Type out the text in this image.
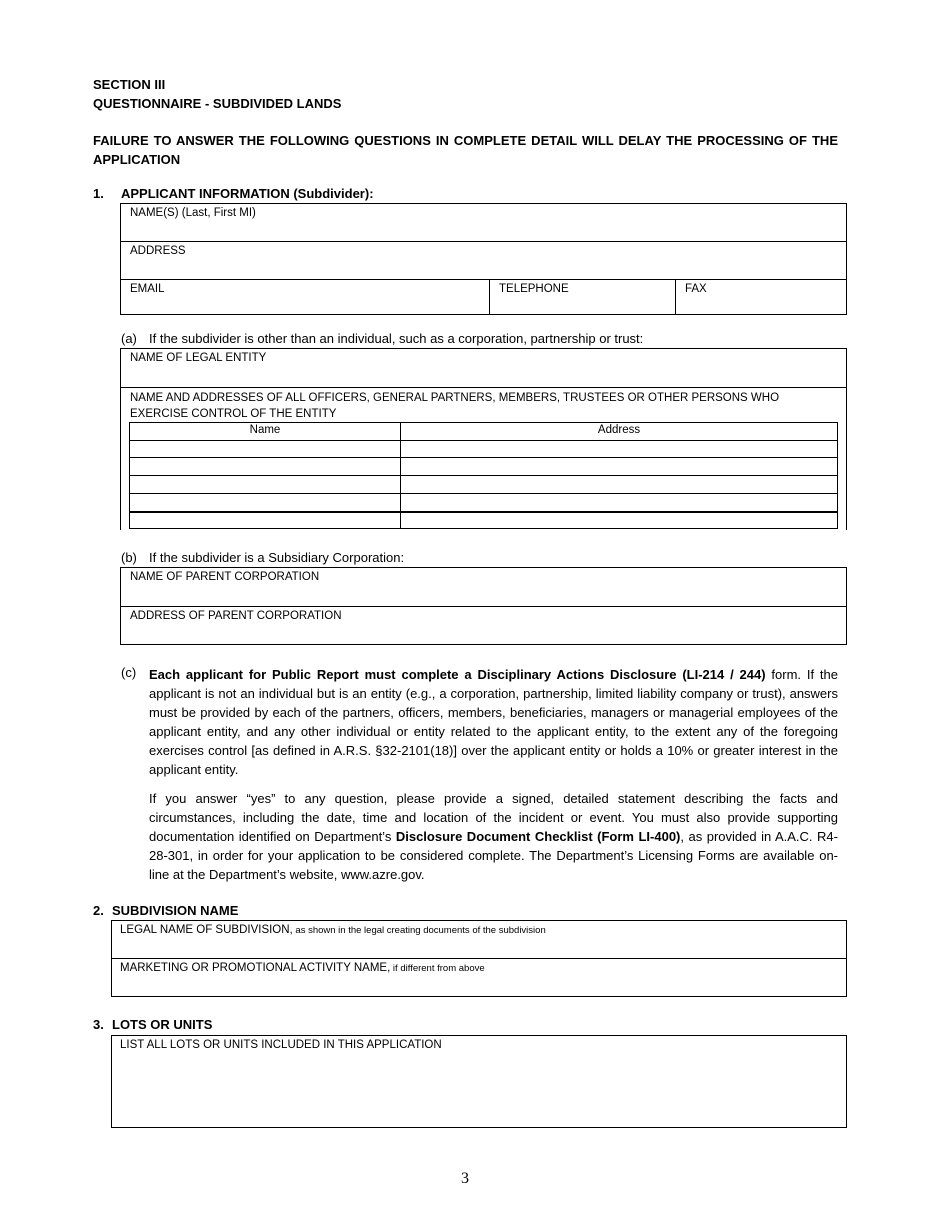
SECTION III
QUESTIONNAIRE - SUBDIVIDED LANDS
FAILURE TO ANSWER THE FOLLOWING QUESTIONS IN COMPLETE DETAIL WILL DELAY THE PROCESSING OF THE APPLICATION
1. APPLICANT INFORMATION (Subdivider):
NAME(S) (Last, First MI)
ADDRESS
EMAIL	TELEPHONE	FAX
(a) If the subdivider is other than an individual, such as a corporation, partnership or trust:
NAME OF LEGAL ENTITY
NAME AND ADDRESSES OF ALL OFFICERS, GENERAL PARTNERS, MEMBERS, TRUSTEES OR OTHER PERSONS WHO EXERCISE CONTROL OF THE ENTITY
Name	Address
(b) If the subdivider is a Subsidiary Corporation:
NAME OF PARENT CORPORATION
ADDRESS OF PARENT CORPORATION
(c) Each applicant for Public Report must complete a Disciplinary Actions Disclosure (LI-214 / 244) form. If the applicant is not an individual but is an entity (e.g., a corporation, partnership, limited liability company or trust), answers must be provided by each of the partners, officers, members, beneficiaries, managers or managerial employees of the applicant entity, and any other individual or entity related to the applicant entity, to the extent any of the foregoing exercises control [as defined in A.R.S. §32-2101(18)] over the applicant entity or holds a 10% or greater interest in the applicant entity.
If you answer “yes” to any question, please provide a signed, detailed statement describing the facts and circumstances, including the date, time and location of the incident or event. You must also provide supporting documentation identified on Department’s Disclosure Document Checklist (Form LI-400), as provided in A.A.C. R4-28-301, in order for your application to be considered complete. The Department’s Licensing Forms are available on-line at the Department’s website, www.azre.gov.
2. SUBDIVISION NAME
LEGAL NAME OF SUBDIVISION, as shown in the legal creating documents of the subdivision
MARKETING OR PROMOTIONAL ACTIVITY NAME, if different from above
3. LOTS OR UNITS
LIST ALL LOTS OR UNITS INCLUDED IN THIS APPLICATION
3
